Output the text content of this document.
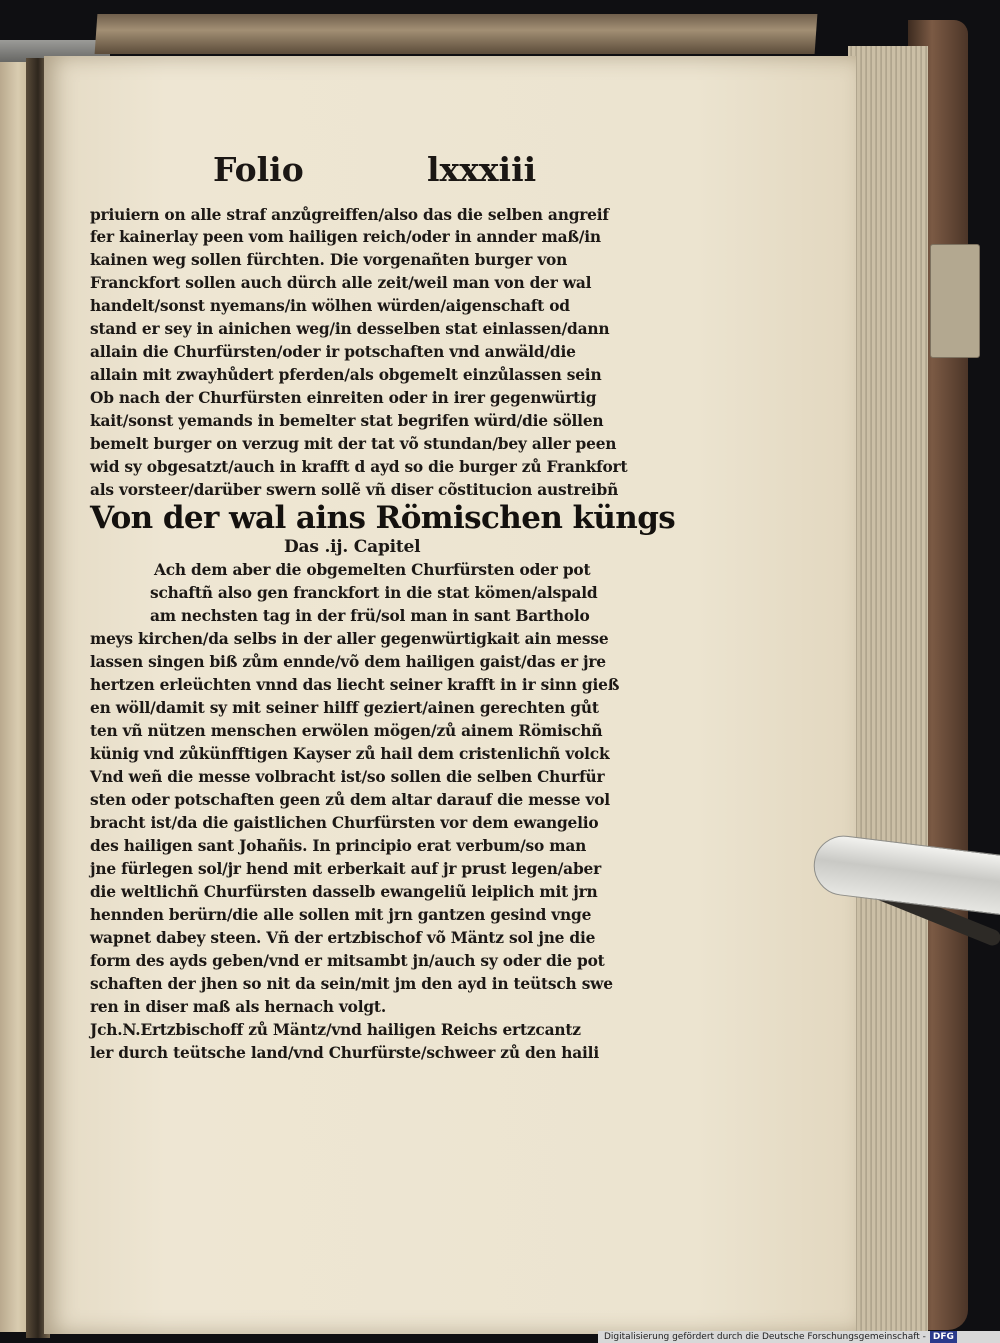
Folio	lxxxiii
priuiern on alle straf anzůgreiffen/also das die selben angreif
fer kainerlay peen vom hailigen reich/oder in annder maß/in
kainen weg sollen fürchten. Die vorgenañten burger von
Franckfort sollen auch dürch alle zeit/weil man von der wal
handelt/sonst nyemans/in wölhen würden/aigenschaft od
stand er sey in ainichen weg/in desselben stat einlassen/dann
allain die Churfürsten/oder ir potschaften vnd anwäld/die
allain mit zwayhůdert pferden/als obgemelt einzůlassen sein
Ob nach der Churfürsten einreiten oder in irer gegenwürtig
kait/sonst yemands in bemelter stat begrifen würd/die söllen
bemelt burger on verzug mit der tat võ stundan/bey aller peen
wid sy obgesatzt/auch in krafft d ayd so die burger zů Frankfort
als vorsteer/darüber swern sollẽ vñ diser cõstitucion austreibñ
Von der wal ains Römischen küngs
Das .ij. Capitel
Ach dem aber die obgemelten Churfürsten oder pot
schaftñ also gen franckfort in die stat kömen/alspald
am nechsten tag in der frü/sol man in sant Bartholo
meys kirchen/da selbs in der aller gegenwürtigkait ain messe
lassen singen biß zům ennde/võ dem hailigen gaist/das er jre
hertzen erleüchten vnnd das liecht seiner krafft in ir sinn gieß
en wöll/damit sy mit seiner hilff geziert/ainen gerechten gůt
ten vñ nützen menschen erwölen mögen/zů ainem Römischñ
künig vnd zůkünfftigen Kayser zů hail dem cristenlichñ volck
Vnd weñ die messe volbracht ist/so sollen die selben Churfür
sten oder potschaften geen zů dem altar darauf die messe vol
bracht ist/da die gaistlichen Churfürsten vor dem ewangelio
des hailigen sant Johañis. In principio erat verbum/so man
jne fürlegen sol/jr hend mit erberkait auf jr prust legen/aber
die weltlichñ Churfürsten dasselb ewangeliũ leiplich mit jrn
hennden berürn/die alle sollen mit jrn gantzen gesind vnge
wapnet dabey steen. Vñ der ertzbischof võ Mäntz sol jne die
form des ayds geben/vnd er mitsambt jn/auch sy oder die pot
schaften der jhen so nit da sein/mit jm den ayd in teütsch swe
ren in diser maß als hernach volgt.
Jch.N.Ertzbischoff zů Mäntz/vnd hailigen Reichs ertzcantz
ler durch teütsche land/vnd Churfürste/schweer zů den haili
Digitalisierung gefördert durch die Deutsche Forschungsgemeinschaft - DFG
